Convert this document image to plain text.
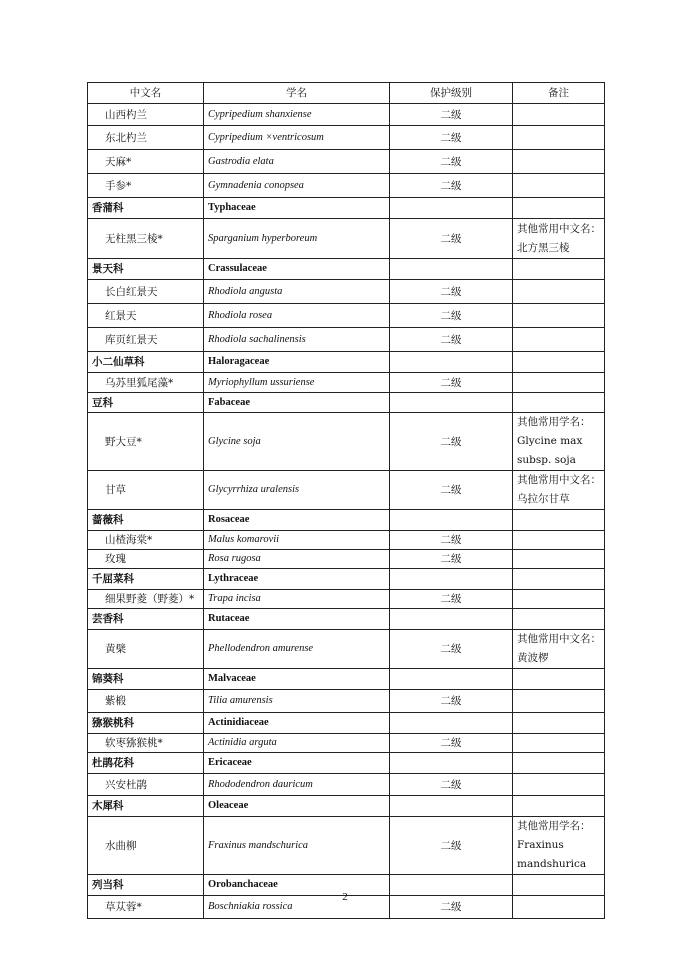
中文名	学名	保护级别	备注
山西杓兰	Cypripedium shanxiense	二级	
东北杓兰	Cypripedium ×ventricosum	二级	
天麻*	Gastrodia elata	二级	
手参*	Gymnadenia conopsea	二级	
香蒲科	Typhaceae		
无柱黑三棱*	Sparganium hyperboreum	二级	其他常用中文名：北方黑三棱
景天科	Crassulaceae		
长白红景天	Rhodiola angusta	二级	
红景天	Rhodiola rosea	二级	
库页红景天	Rhodiola sachalinensis	二级	
小二仙草科	Haloragaceae		
乌苏里狐尾藻*	Myriophyllum ussuriense	二级	
豆科	Fabaceae		
野大豆*	Glycine soja	二级	其他常用学名：Glycine max subsp. soja
甘草	Glycyrrhiza uralensis	二级	其他常用中文名：乌拉尔甘草
蔷薇科	Rosaceae		
山楂海棠*	Malus komarovii	二级	
玫瑰	Rosa rugosa	二级	
千屈菜科	Lythraceae		
细果野菱（野菱）*	Trapa incisa	二级	
芸香科	Rutaceae		
黄檗	Phellodendron amurense	二级	其他常用中文名：黄波椤
锦葵科	Malvaceae		
紫椴	Tilia amurensis	二级	
猕猴桃科	Actinidiaceae		
软枣猕猴桃*	Actinidia arguta	二级	
杜鹃花科	Ericaceae		
兴安杜鹃	Rhododendron dauricum	二级	
木犀科	Oleaceae		
水曲柳	Fraxinus mandschurica	二级	其他常用学名：Fraxinus mandshurica
列当科	Orobanchaceae		
草苁蓉*	Boschniakia rossica	二级	
2
